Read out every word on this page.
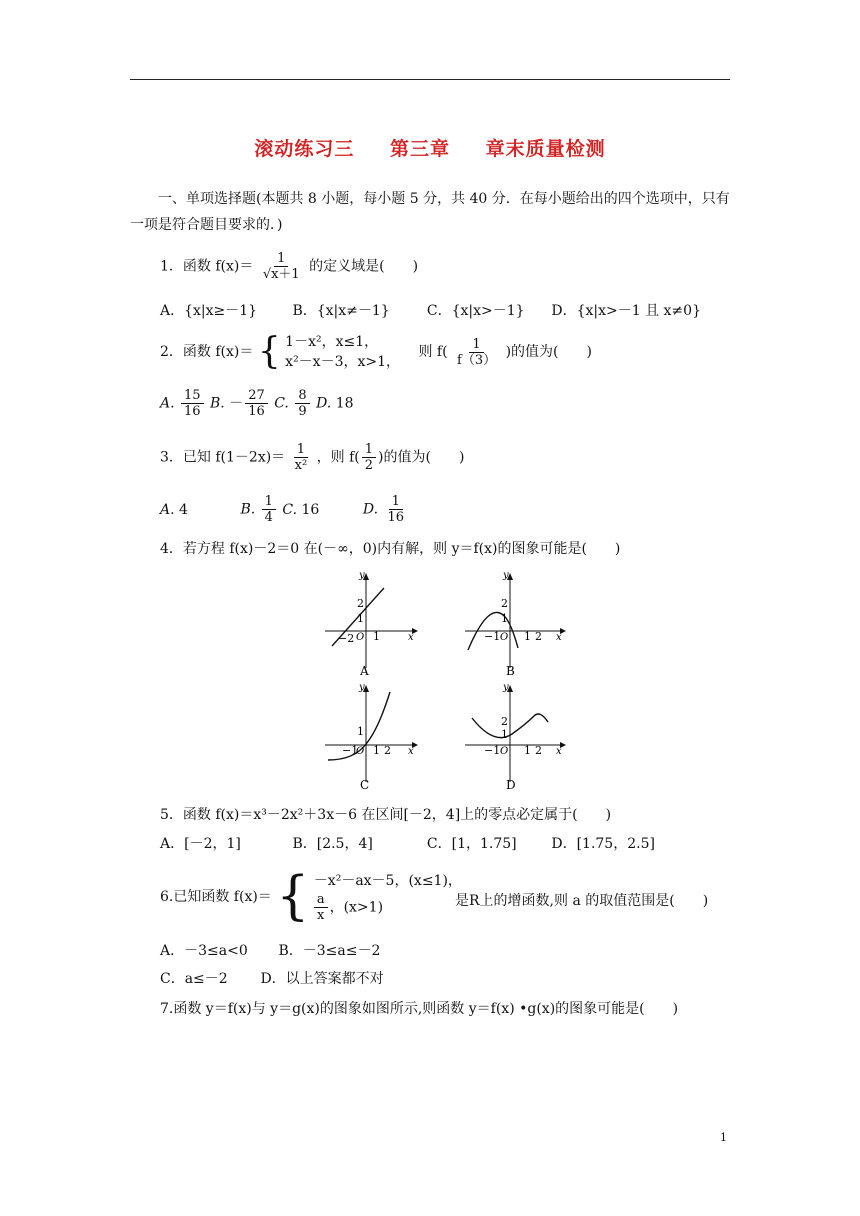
滚动练习三 第三章 章末质量检测
一、单项选择题(本题共 8 小题，每小题 5 分，共 40 分．在每小题给出的四个选项中，只有一项是符合题目要求的．)
1．函数 $f(x)= \frac{1}{√x+1}$ 的定义域是(　　)
A．{x|x≥－1}	B．{x|x≠－1}	C．{x|x>－1} D．{x|x>－1 且 x≠0}
2．函数 f(x)＝ { 1－x²，x≤1，
x²－x－3，x>1，
则 $f( \frac{1}{f(3)}$ )的值为(　　)
A. $\frac{15}{16} B$. － $\frac{27}{16} C$. $\frac{8}{9} D$. 18
3．已知 $f(1-2x)= \frac{1}{\text{x²}}$ ，则 $f( \frac{1}{2}$ )的值为(　　)
A. 4	B. $\frac{1}{4} C$. 16	D. $\frac{1}{16}$
4．若方程 f(x)－2＝0 在(－∞，0)内有解，则 y＝f(x)的图象可能是(　　)
y
x
−2 O 1
2
1
A
y
x
−1 O 1 2
2
1
B
y
x
−1
O 1 2
1
C
y
x
−1 O 1 2
2
1
D
5．函数 f(x)＝x³－2x²＋3x－6 在区间[－2，4]上的零点必定属于(　　)
A．[－2，1]	B．[2.5，4]	C．[1，1.75] D．[1.75，2.5]
6.已知函数 f(x)＝ { －x²－ax－5，(x≤1)，
$\frac{a}{x}$ ，(x>1)	是R上的增函数,则 a 的取值范围是(　　)
A．－3≤a<0 B．－3≤a≤－2
C．a≤－2 D．以上答案都不对
7.函数 y＝f(x)与 y＝g(x)的图象如图所示,则函数 y＝f(x) •g(x)的图象可能是(　　)
1
